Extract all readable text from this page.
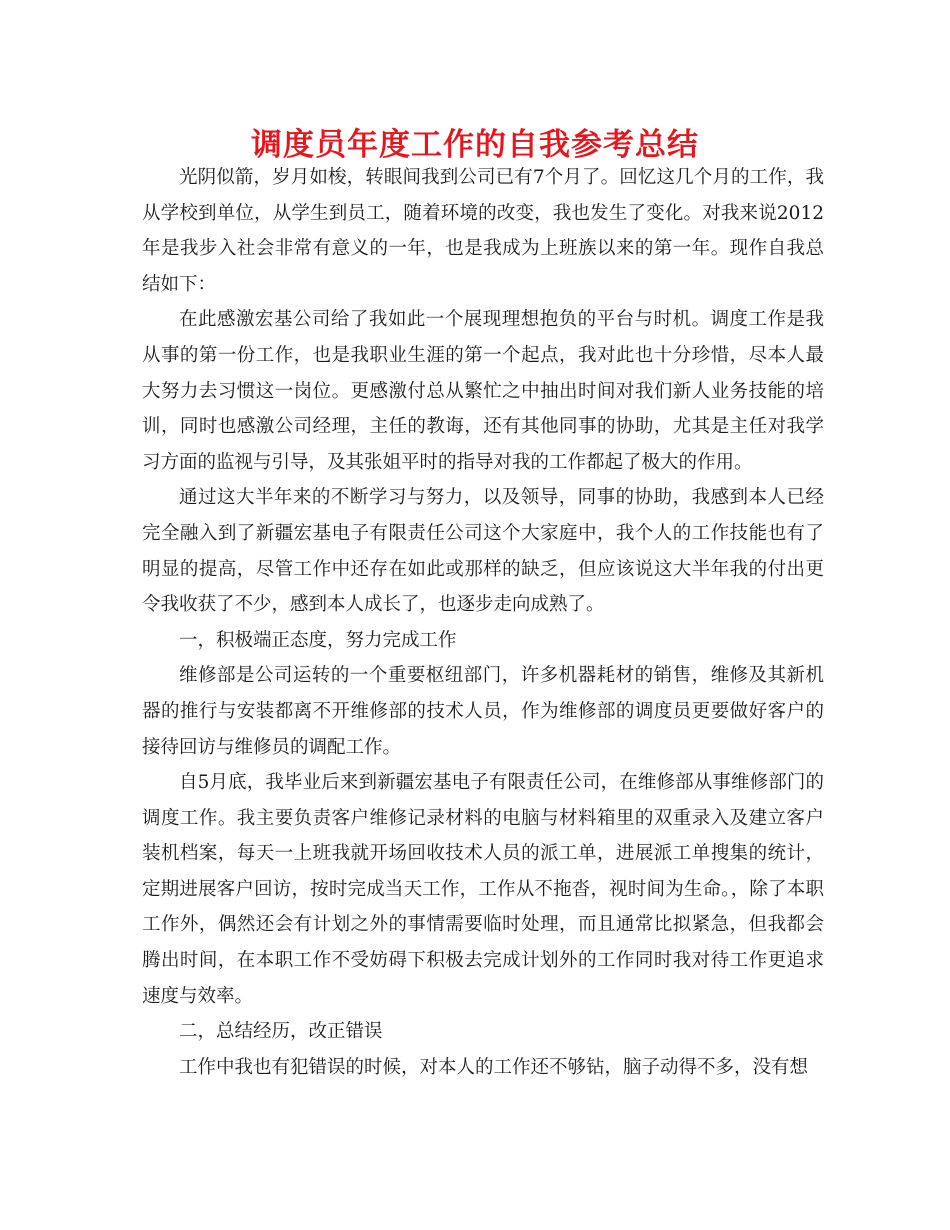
调度员年度工作的自我参考总结

光阴似箭，岁月如梭，转眼间我到公司已有7个月了。回忆这几个月的工作，我从学校到单位，从学生到员工，随着环境的改变，我也发生了变化。对我来说2012年是我步入社会非常有意义的一年，也是我成为上班族以来的第一年。现作自我总结如下：

在此感激宏基公司给了我如此一个展现理想抱负的平台与时机。调度工作是我从事的第一份工作，也是我职业生涯的第一个起点，我对此也十分珍惜，尽本人最大努力去习惯这一岗位。更感激付总从繁忙之中抽出时间对我们新人业务技能的培训，同时也感激公司经理，主任的教诲，还有其他同事的协助，尤其是主任对我学习方面的监视与引导，及其张姐平时的指导对我的工作都起了极大的作用。

通过这大半年来的不断学习与努力，以及领导，同事的协助，我感到本人已经完全融入到了新疆宏基电子有限责任公司这个大家庭中，我个人的工作技能也有了明显的提高，尽管工作中还存在如此或那样的缺乏，但应该说这大半年我的付出更令我收获了不少，感到本人成长了，也逐步走向成熟了。

一，积极端正态度，努力完成工作

维修部是公司运转的一个重要枢纽部门，许多机器耗材的销售，维修及其新机器的推行与安装都离不开维修部的技术人员，作为维修部的调度员更要做好客户的接待回访与维修员的调配工作。

自5月底，我毕业后来到新疆宏基电子有限责任公司，在维修部从事维修部门的调度工作。我主要负责客户维修记录材料的电脑与材料箱里的双重录入及建立客户装机档案，每天一上班我就开场回收技术人员的派工单，进展派工单搜集的统计，定期进展客户回访，按时完成当天工作，工作从不拖沓，视时间为生命。，除了本职工作外，偶然还会有计划之外的事情需要临时处理，而且通常比拟紧急，但我都会腾出时间，在本职工作不受妨碍下积极去完成计划外的工作同时我对待工作更追求速度与效率。

二，总结经历，改正错误

工作中我也有犯错误的时候，对本人的工作还不够钻，脑子动得不多，没有想
